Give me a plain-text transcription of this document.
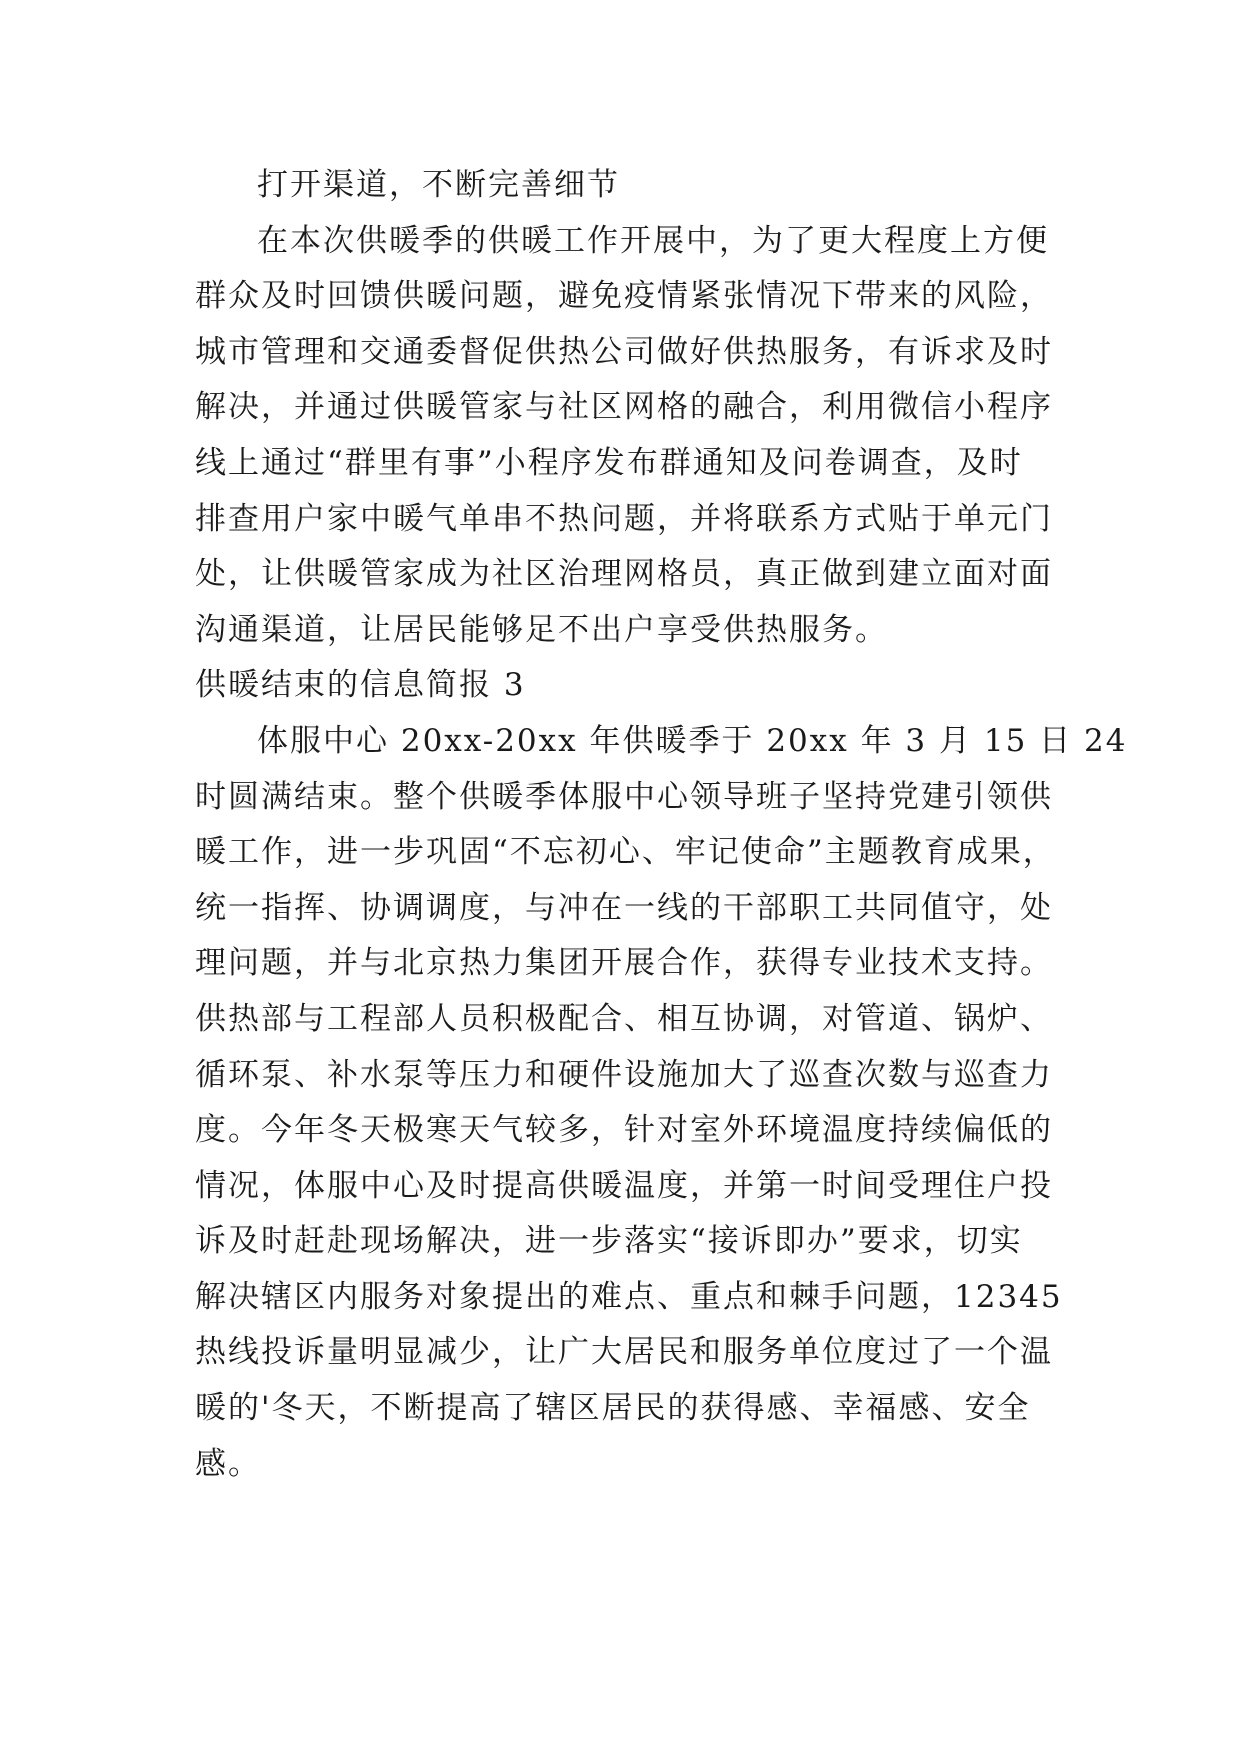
打开渠道，不断完善细节
在本次供暖季的供暖工作开展中，为了更大程度上方便
群众及时回馈供暖问题，避免疫情紧张情况下带来的风险，
城市管理和交通委督促供热公司做好供热服务，有诉求及时
解决，并通过供暖管家与社区网格的融合，利用微信小程序
线上通过“群里有事”小程序发布群通知及问卷调查，及时
排查用户家中暖气单串不热问题，并将联系方式贴于单元门
处，让供暖管家成为社区治理网格员，真正做到建立面对面
沟通渠道，让居民能够足不出户享受供热服务。
供暖结束的信息简报 3
体服中心 20xx-20xx 年供暖季于 20xx 年 3 月 15 日 24
时圆满结束。整个供暖季体服中心领导班子坚持党建引领供
暖工作，进一步巩固“不忘初心、牢记使命”主题教育成果，
统一指挥、协调调度，与冲在一线的干部职工共同值守，处
理问题，并与北京热力集团开展合作，获得专业技术支持。
供热部与工程部人员积极配合、相互协调，对管道、锅炉、
循环泵、补水泵等压力和硬件设施加大了巡查次数与巡查力
度。今年冬天极寒天气较多，针对室外环境温度持续偏低的
情况，体服中心及时提高供暖温度，并第一时间受理住户投
诉及时赶赴现场解决，进一步落实“接诉即办”要求，切实
解决辖区内服务对象提出的难点、重点和棘手问题，12345
热线投诉量明显减少，让广大居民和服务单位度过了一个温
暖的'冬天，不断提高了辖区居民的获得感、幸福感、安全
感。
